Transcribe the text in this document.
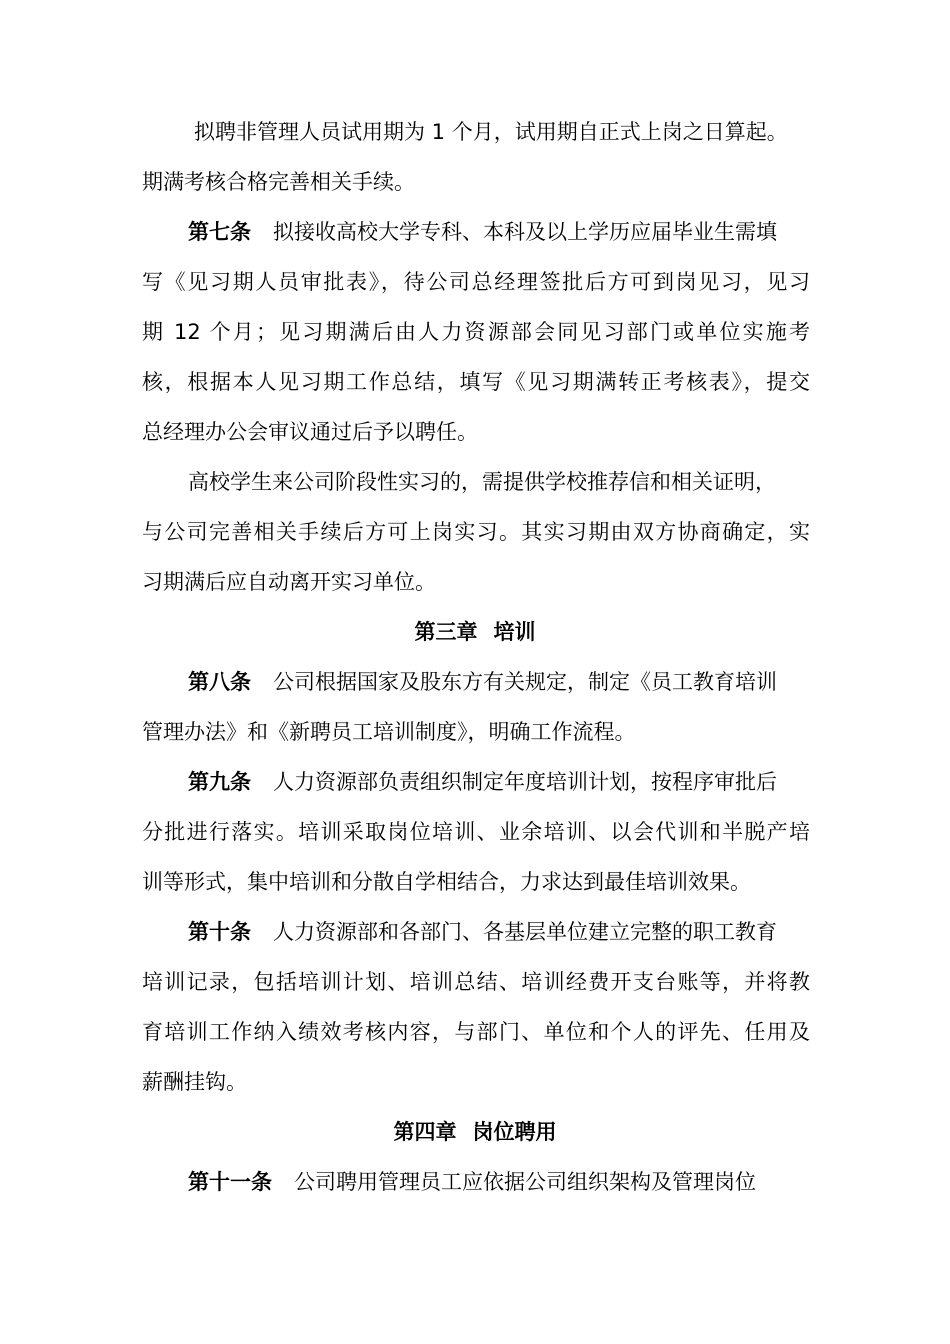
拟聘非管理人员试用期为 1 个月，试用期自正式上岗之日算起。
期满考核合格完善相关手续。
第七条 拟接收高校大学专科、本科及以上学历应届毕业生需填
写《见习期人员审批表》，待公司总经理签批后方可到岗见习，见习
期 12 个月；见习期满后由人力资源部会同见习部门或单位实施考
核，根据本人见习期工作总结，填写《见习期满转正考核表》，提交
总经理办公会审议通过后予以聘任。
高校学生来公司阶段性实习的，需提供学校推荐信和相关证明，
与公司完善相关手续后方可上岗实习。其实习期由双方协商确定，实
习期满后应自动离开实习单位。
第三章 培训
第八条 公司根据国家及股东方有关规定，制定《员工教育培训
管理办法》和《新聘员工培训制度》，明确工作流程。
第九条 人力资源部负责组织制定年度培训计划，按程序审批后
分批进行落实。培训采取岗位培训、业余培训、以会代训和半脱产培
训等形式，集中培训和分散自学相结合，力求达到最佳培训效果。
第十条 人力资源部和各部门、各基层单位建立完整的职工教育
培训记录，包括培训计划、培训总结、培训经费开支台账等，并将教
育培训工作纳入绩效考核内容，与部门、单位和个人的评先、任用及
薪酬挂钩。
第四章 岗位聘用
第十一条 公司聘用管理员工应依据公司组织架构及管理岗位
